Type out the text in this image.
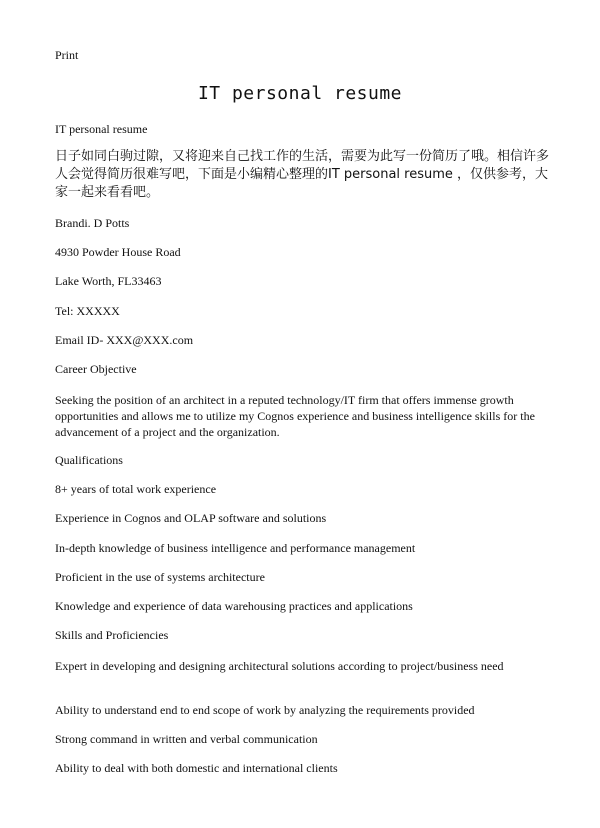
Print
IT personal resume
IT personal resume
日子如同白驹过隙，又将迎来自己找工作的生活，需要为此写一份简历了哦。相信许多人会觉得简历很难写吧，下面是小编精心整理的IT personal resume ，仅供参考，大家一起来看看吧。
Brandi. D Potts
4930 Powder House Road
Lake Worth, FL33463
Tel: XXXXX
Email ID- XXX@XXX.com
Career Objective
Seeking the position of an architect in a reputed technology/IT firm that offers immense growth opportunities and allows me to utilize my Cognos experience and business intelligence skills for the advancement of a project and the organization.
Qualifications
8+ years of total work experience
Experience in Cognos and OLAP software and solutions
In-depth knowledge of business intelligence and performance management
Proficient in the use of systems architecture
Knowledge and experience of data warehousing practices and applications
Skills and Proficiencies
Expert in developing and designing architectural solutions according to project/business need
Ability to understand end to end scope of work by analyzing the requirements provided
Strong command in written and verbal communication
Ability to deal with both domestic and international clients
